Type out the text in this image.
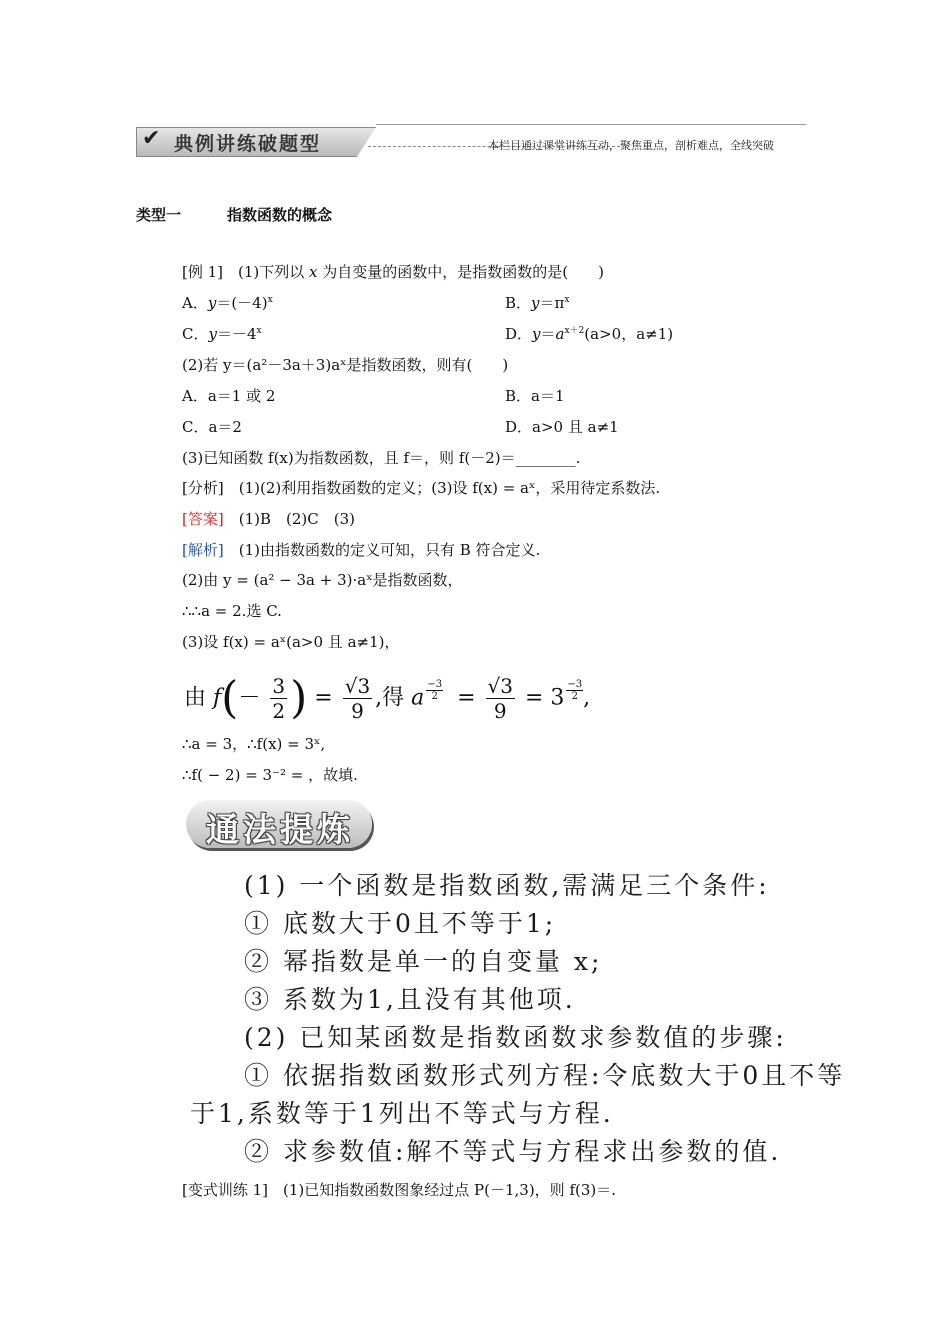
✔ 典例讲练破题型	本栏目通过课堂讲练互动，聚焦重点，剖析难点，全线突破
类型一	指数函数的概念
[例 1]　(1)下列以 x 为自变量的函数中，是指数函数的是(　　)
A．$y=(-4)^x$	B．$y=\pi^x$
C．$y=-4^x$	D．$y=a^{x+2}(a>0$，a≠1)
(2)若 y＝(a²－3a＋3)aˣ是指数函数，则有(　　)
A．a＝1 或 2	B．a＝1
C．a＝2	D．a>0 且 a≠1
(3)已知函数 f(x)为指数函数，且 f＝，则 f(－2)＝________.
[分析]　(1)(2)利用指数函数的定义；(3)设 f(x) = aˣ，采用待定系数法.
[答案]　(1)B　(2)C　(3)
[解析]　(1)由指数函数的定义可知，只有 B 符合定义.
(2)由 y = (a² − 3a + 3)·aˣ是指数函数，
∴∴a = 2.选 C.
(3)设 f(x) = aˣ(a>0 且 a≠1)，
由 $f(- \frac{3}{2}$ ) = $\frac{√3}{9}$ ,得 a $\frac{-3}{2} = \frac{√3}{9} = 3 \frac{-3}{2}$ ,
∴a = 3，∴f(x) = 3ˣ,
∴f( − 2) = 3⁻² = ，故填.
通法提炼
(1) 一个函数是指数函数,需满足三个条件:
① 底数大于0且不等于1;
② 幂指数是单一的自变量 x;
③ 系数为1,且没有其他项.
(2) 已知某函数是指数函数求参数值的步骤:
① 依据指数函数形式列方程:令底数大于0且不等
于1,系数等于1列出不等式与方程.
② 求参数值:解不等式与方程求出参数的值.
[变式训练 1]　(1)已知指数函数图象经过点 P(－1,3)，则 f(3)＝.
